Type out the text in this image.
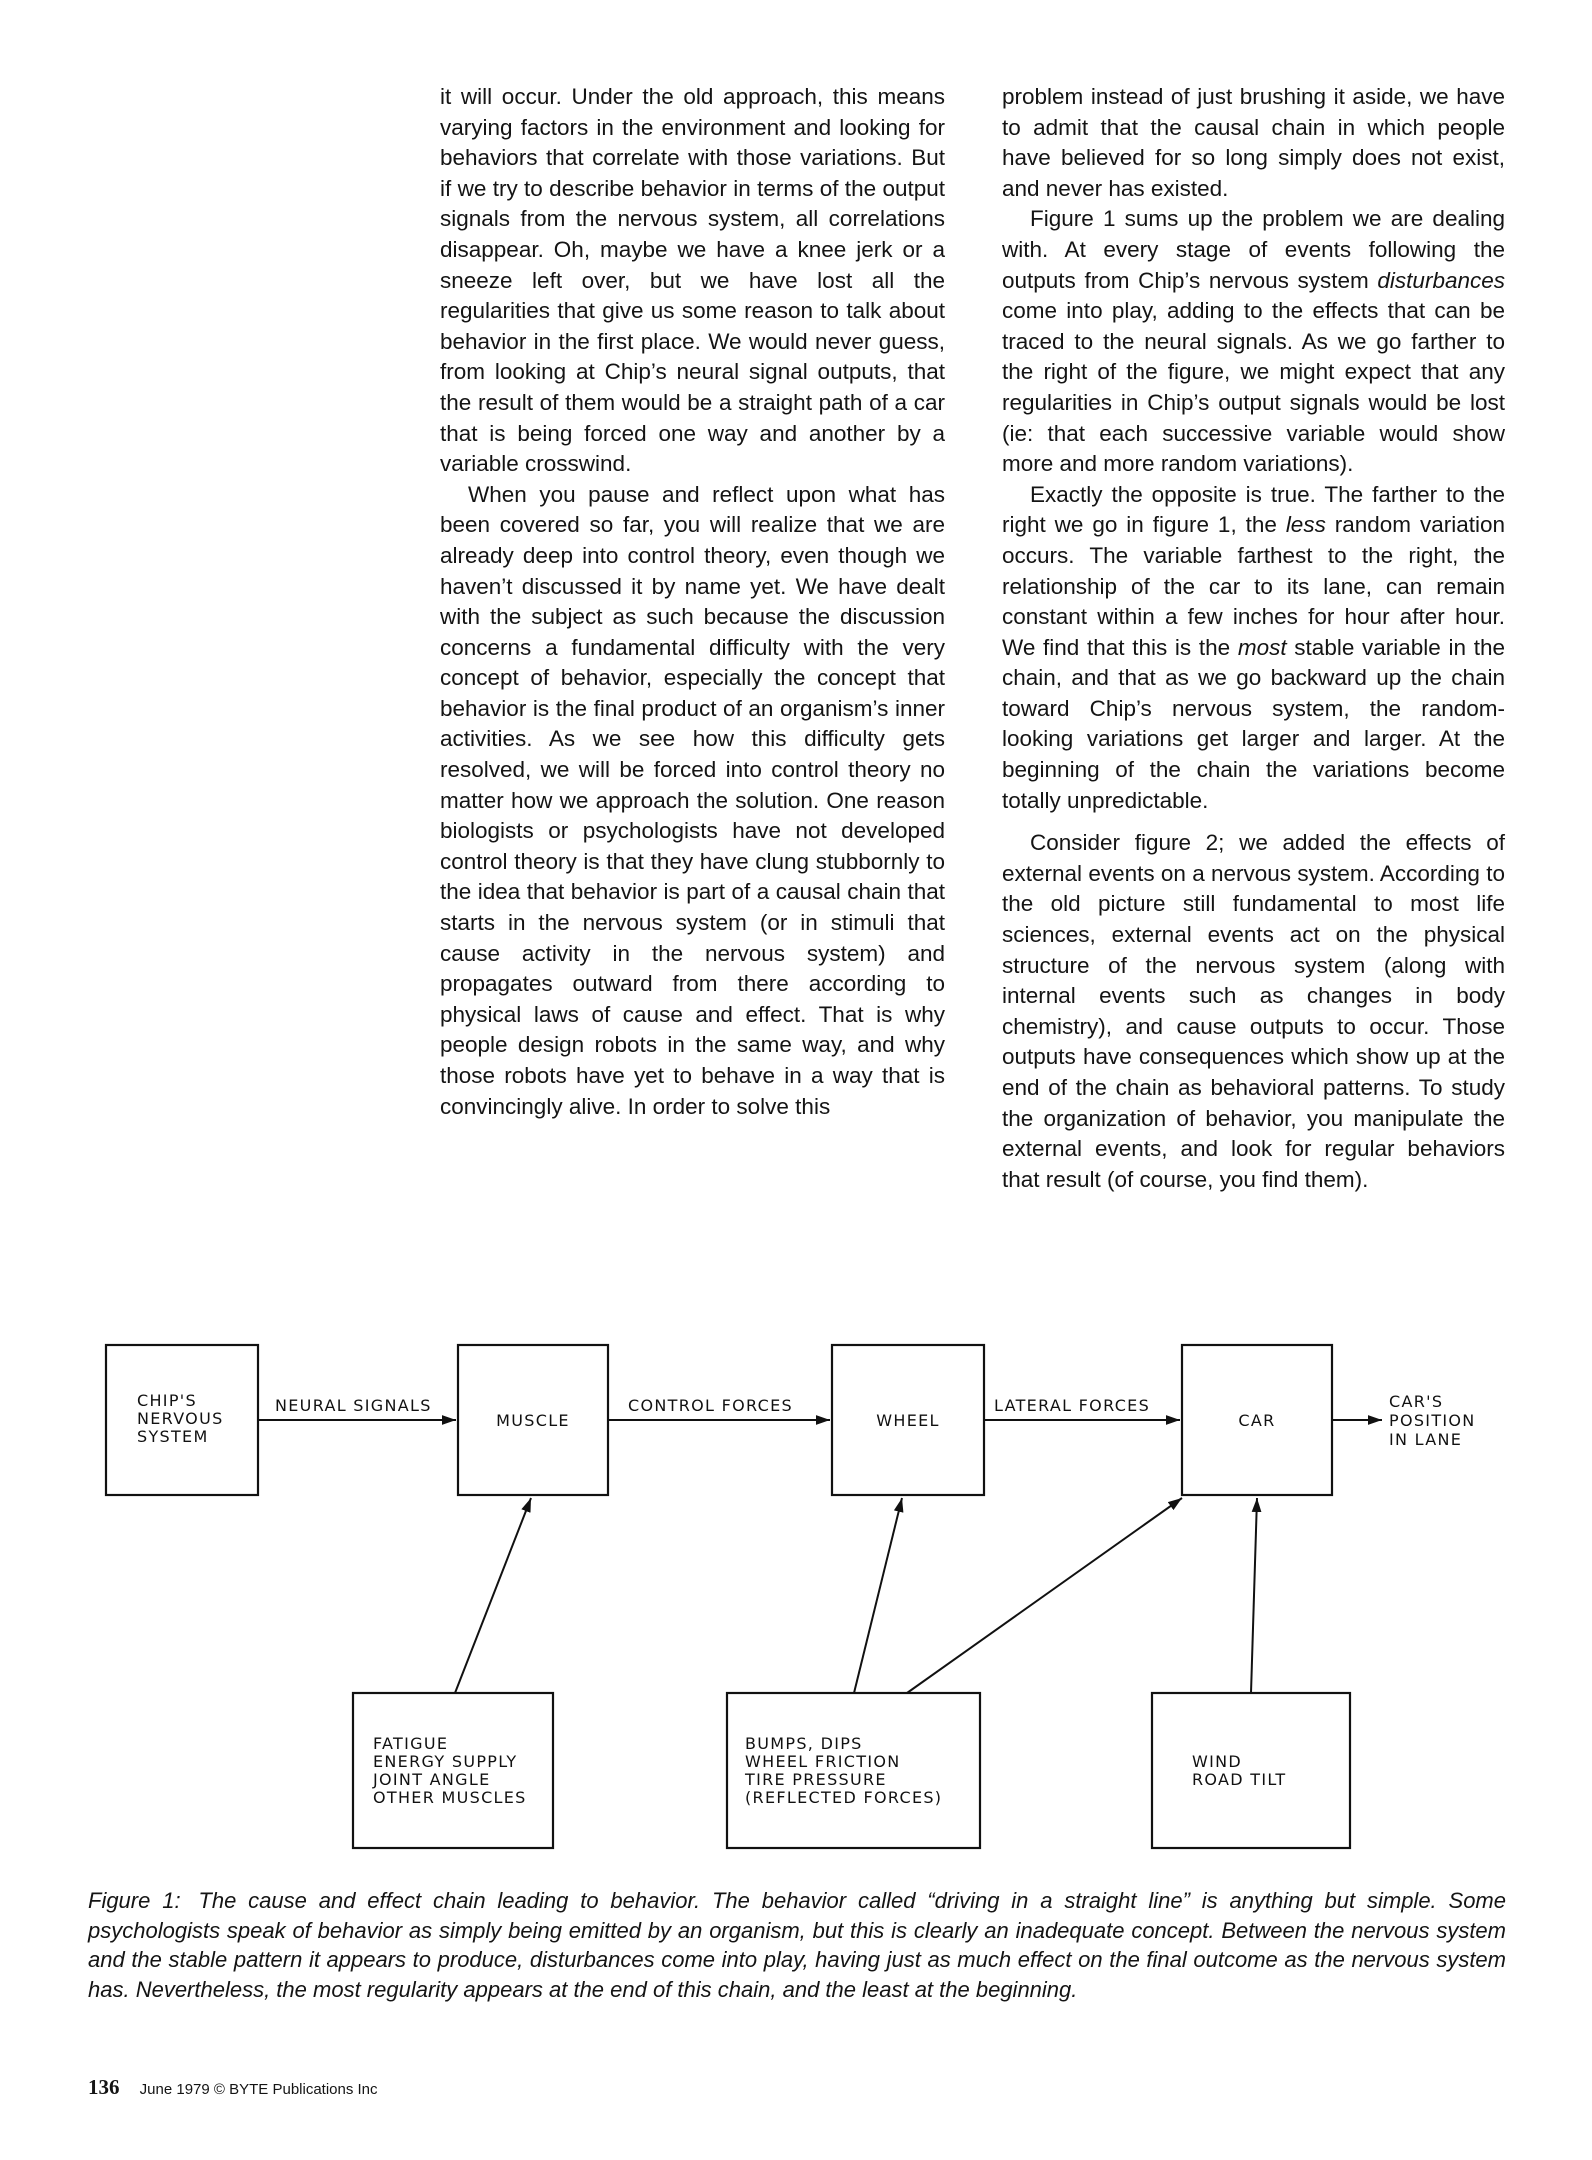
it will occur. Under the old approach, this means varying factors in the environment and looking for behaviors that correlate with those variations. But if we try to describe behavior in terms of the output signals from the nervous system, all correlations disappear. Oh, maybe we have a knee jerk or a sneeze left over, but we have lost all the regularities that give us some reason to talk about behavior in the first place. We would never guess, from looking at Chip’s neural signal outputs, that the result of them would be a straight path of a car that is being forced one way and another by a variable crosswind.

When you pause and reflect upon what has been covered so far, you will realize that we are already deep into control theory, even though we haven’t discussed it by name yet. We have dealt with the subject as such because the discussion concerns a fundamental difficulty with the very concept of behavior, especially the concept that behavior is the final product of an organism’s inner activities. As we see how this difficulty gets resolved, we will be forced into control theory no matter how we approach the solution. One reason biologists or psychologists have not developed control theory is that they have clung stubbornly to the idea that behavior is part of a causal chain that starts in the nervous system (or in stimuli that cause activity in the nervous system) and propagates outward from there according to physical laws of cause and effect. That is why people design robots in the same way, and why those robots have yet to behave in a way that is convincingly alive. In order to solve this

problem instead of just brushing it aside, we have to admit that the causal chain in which people have believed for so long simply does not exist, and never has existed.

Figure 1 sums up the problem we are dealing with. At every stage of events following the outputs from Chip’s nervous system disturbances come into play, adding to the effects that can be traced to the neural signals. As we go farther to the right of the figure, we might expect that any regularities in Chip’s output signals would be lost (ie: that each successive variable would show more and more random variations).

Exactly the opposite is true. The farther to the right we go in figure 1, the less random variation occurs. The variable farthest to the right, the relationship of the car to its lane, can remain constant within a few inches for hour after hour. We find that this is the most stable variable in the chain, and that as we go backward up the chain toward Chip’s nervous system, the random-looking variations get larger and larger. At the beginning of the chain the variations become totally unpredictable.

Consider figure 2; we added the effects of external events on a nervous system. According to the old picture still fundamental to most life sciences, external events act on the physical structure of the nervous system (along with internal events such as changes in body chemistry), and cause outputs to occur. Those outputs have consequences which show up at the end of the chain as behavioral patterns. To study the organization of behavior, you manipulate the external events, and look for regular behaviors that result (of course, you find them).

CHIP'S NERVOUS SYSTEM
MUSCLE	WHEEL	CAR
FATIGUE ENERGY SUPPLY JOINT ANGLE OTHER MUSCLES
BUMPS, DIPS WHEEL FRICTION TIRE PRESSURE (REFLECTED FORCES)
WIND ROAD TILT
NEURAL SIGNALS	CONTROL FORCES	LATERAL FORCES	CAR'S POSITION IN LANE
Figure 1: The cause and effect chain leading to behavior. The behavior called “driving in a straight line” is anything but simple. Some psychologists speak of behavior as simply being emitted by an organism, but this is clearly an inadequate concept. Between the nervous system and the stable pattern it appears to produce, disturbances come into play, having just as much effect on the final outcome as the nervous system has. Nevertheless, the most regularity appears at the end of this chain, and the least at the beginning.
136 June 1979 © BYTE Publications Inc
